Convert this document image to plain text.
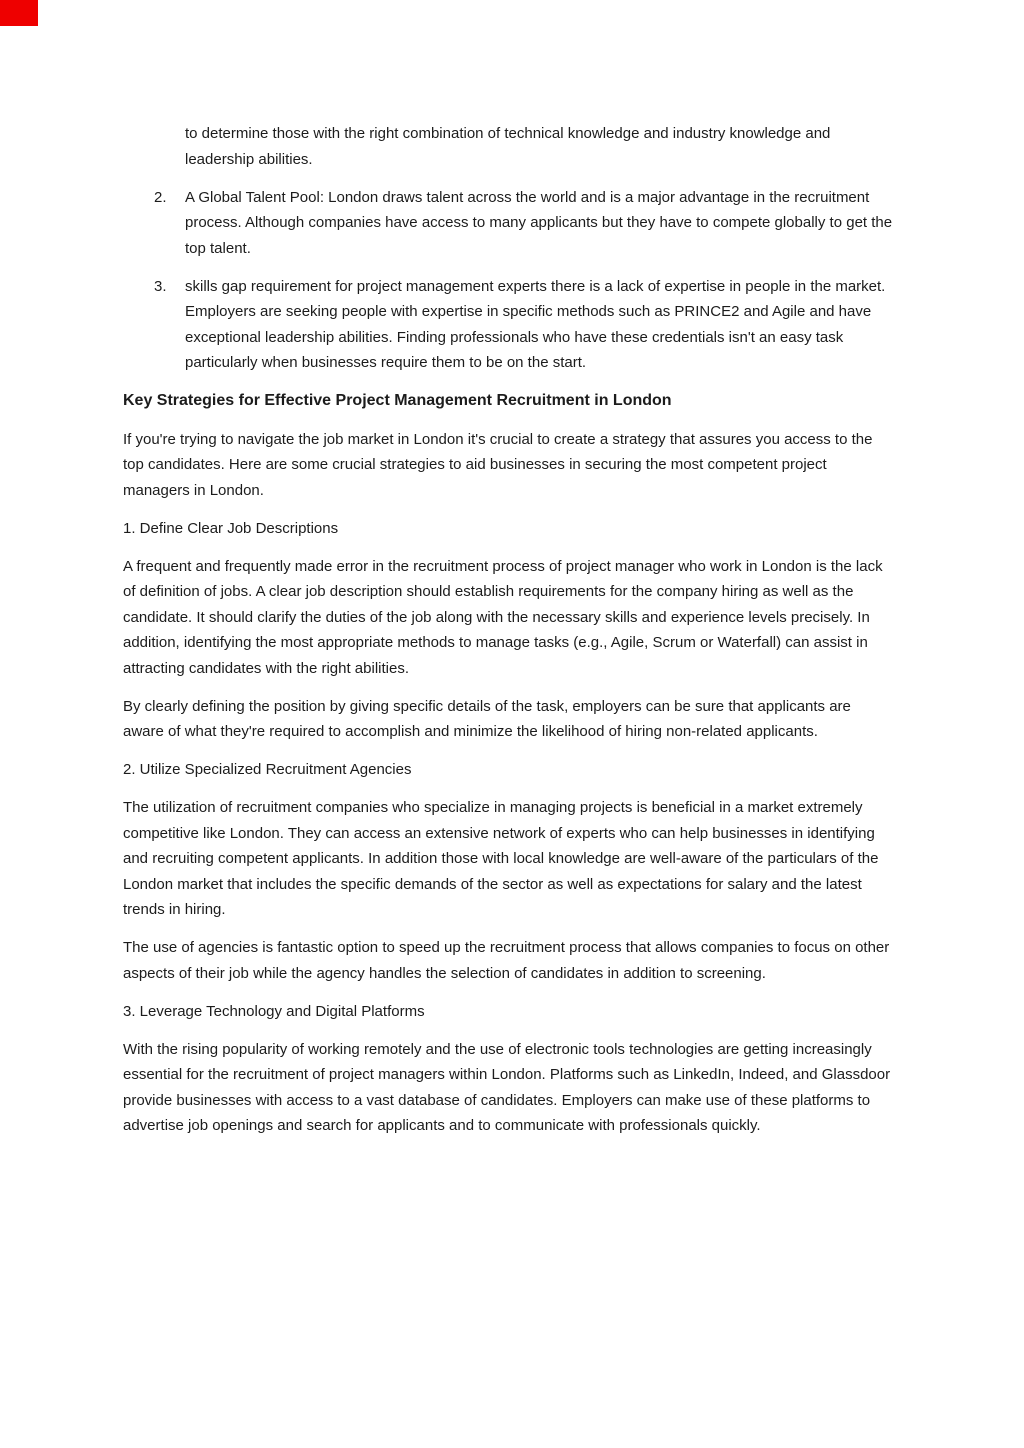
to determine those with the right combination of technical knowledge and industry knowledge and leadership abilities.

2.	A Global Talent Pool: London draws talent across the world and is a major advantage in the recruitment process. Although companies have access to many applicants but they have to compete globally to get the top talent.
3.	skills gap requirement for project management experts there is a lack of expertise in people in the market. Employers are seeking people with expertise in specific methods such as PRINCE2 and Agile and have exceptional leadership abilities. Finding professionals who have these credentials isn't an easy task particularly when businesses require them to be on the start.
Key Strategies for Effective Project Management Recruitment in London

If you're trying to navigate the job market in London it's crucial to create a strategy that assures you access to the top candidates. Here are some crucial strategies to aid businesses in securing the most competent project managers in London.

1. Define Clear Job Descriptions

A frequent and frequently made error in the recruitment process of project manager who work in London is the lack of definition of jobs. A clear job description should establish requirements for the company hiring as well as the candidate. It should clarify the duties of the job along with the necessary skills and experience levels precisely. In addition, identifying the most appropriate methods to manage tasks (e.g., Agile, Scrum or Waterfall) can assist in attracting candidates with the right abilities.

By clearly defining the position by giving specific details of the task, employers can be sure that applicants are aware of what they're required to accomplish and minimize the likelihood of hiring non-related applicants.

2. Utilize Specialized Recruitment Agencies

The utilization of recruitment companies who specialize in managing projects is beneficial in a market extremely competitive like London. They can access an extensive network of experts who can help businesses in identifying and recruiting competent applicants. In addition those with local knowledge are well-aware of the particulars of the London market that includes the specific demands of the sector as well as expectations for salary and the latest trends in hiring.

The use of agencies is fantastic option to speed up the recruitment process that allows companies to focus on other aspects of their job while the agency handles the selection of candidates in addition to screening.

3. Leverage Technology and Digital Platforms

With the rising popularity of working remotely and the use of electronic tools technologies are getting increasingly essential for the recruitment of project managers within London. Platforms such as LinkedIn, Indeed, and Glassdoor provide businesses with access to a vast database of candidates. Employers can make use of these platforms to advertise job openings and search for applicants and to communicate with professionals quickly.
